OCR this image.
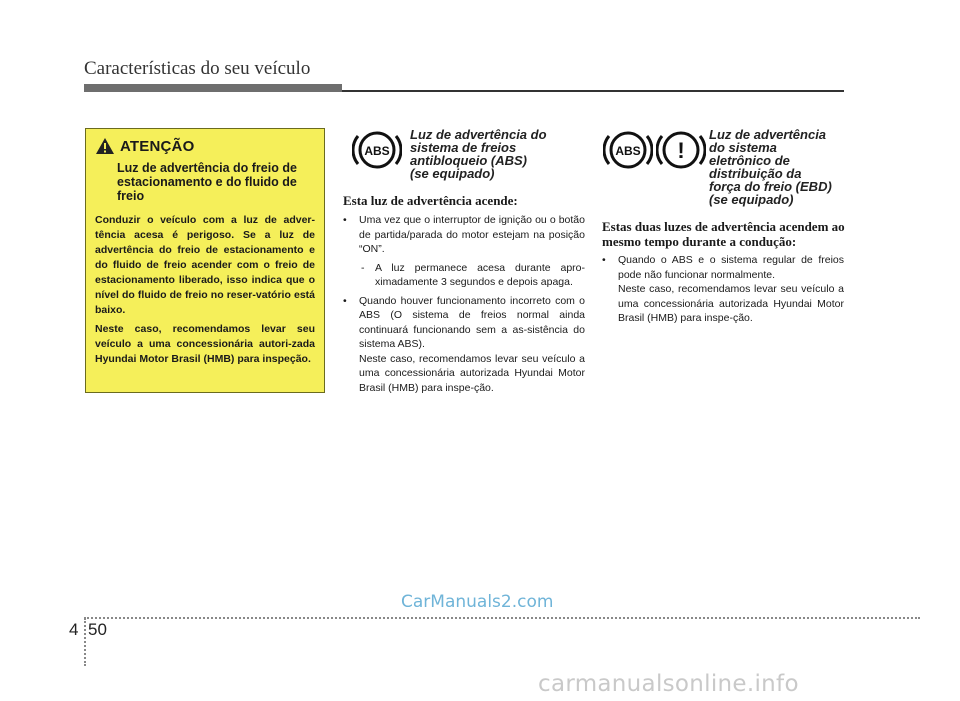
Características do seu veículo
ATENÇÃO
Luz de advertência do freio de estacionamento e do fluido de freio

Conduzir o veículo com a luz de adver-tência acesa é perigoso. Se a luz de advertência do freio de estacionamento e do fluido de freio acender com o freio de estacionamento liberado, isso indica que o nível do fluido de freio no reser-vatório está baixo.

Neste caso, recomendamos levar seu veículo a uma concessionária autori-zada Hyundai Motor Brasil (HMB) para inspeção.

ABS
Luz de advertência do
sistema de freios
antibloqueio (ABS)
(se equipado)
Esta luz de advertência acende:
• Uma vez que o interruptor de ignição ou o botão de partida/parada do motor estejam na posição “ON”.
- A luz permanece acesa durante apro-ximadamente 3 segundos e depois apaga.
• Quando houver funcionamento incorreto com o ABS (O sistema de freios normal ainda continuará funcionando sem a as-sistência do sistema ABS).
Neste caso, recomendamos levar seu veículo a uma concessionária autorizada Hyundai Motor Brasil (HMB) para inspe-ção.
ABS !
Luz de advertência
do sistema
eletrônico de
distribuição da
força do freio (EBD)
(se equipado)
Estas duas luzes de advertência acendem ao mesmo tempo durante a condução:
• Quando o ABS e o sistema regular de freios pode não funcionar normalmente.
Neste caso, recomendamos levar seu veículo a uma concessionária autorizada Hyundai Motor Brasil (HMB) para inspe-ção.
4 50
CarManuals2.com
carmanualsonline.info
